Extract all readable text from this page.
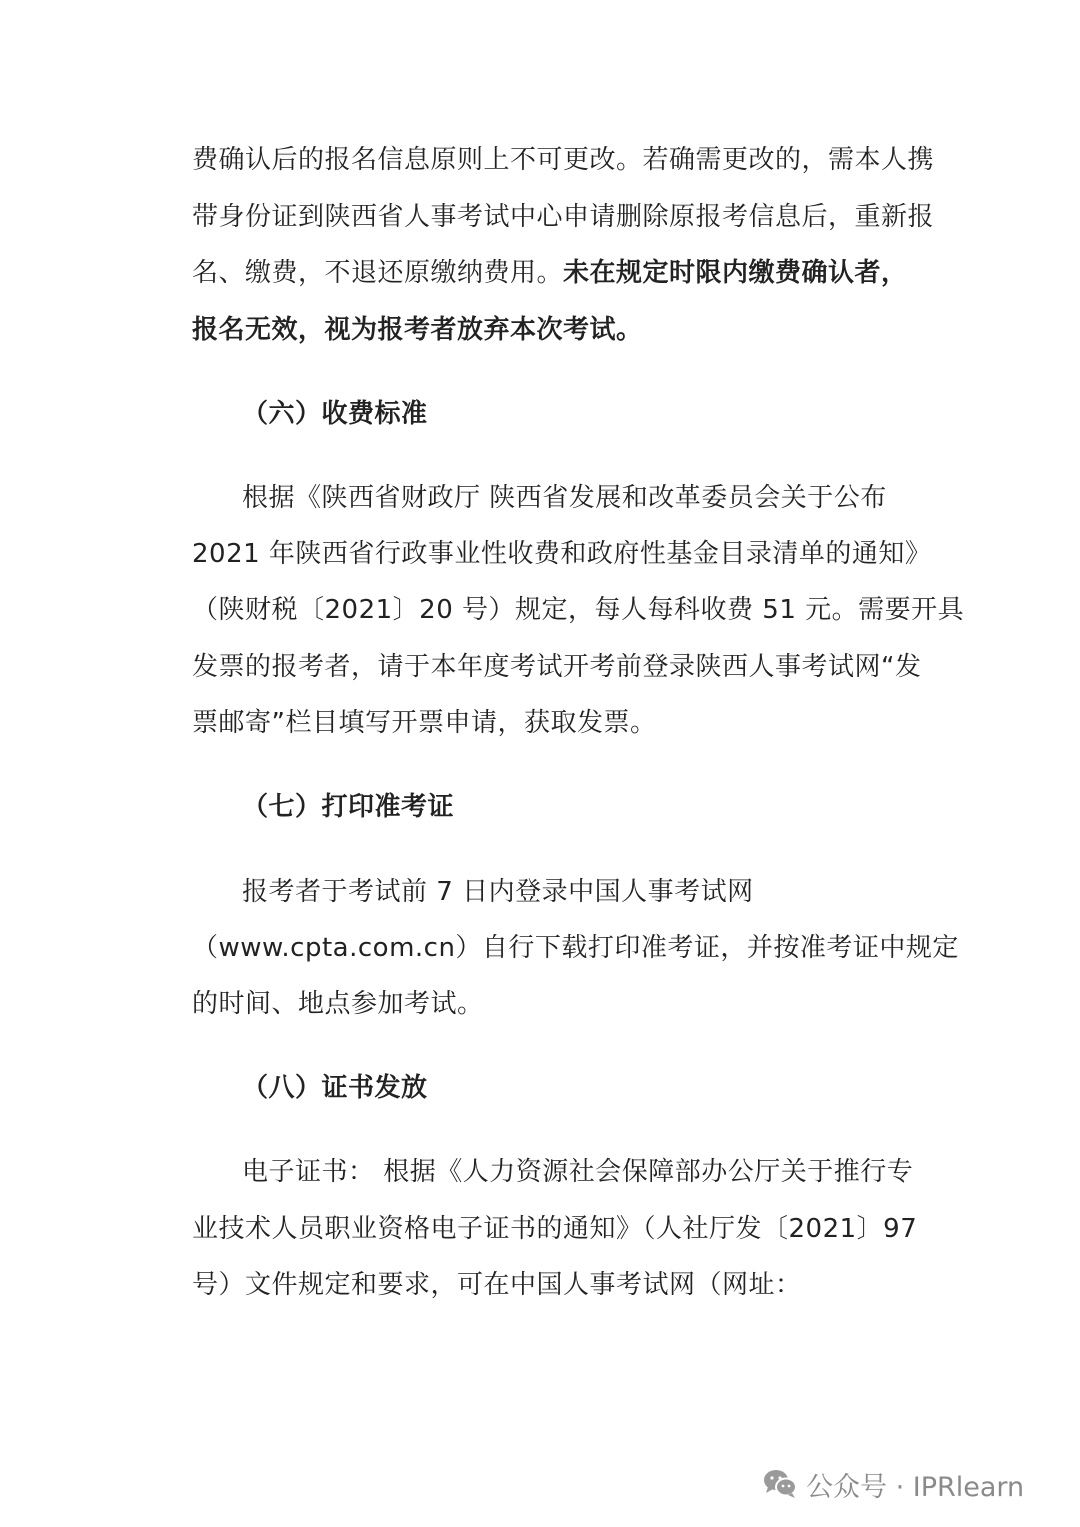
费确认后的报名信息原则上不可更改。若确需更改的，需本人携
带身份证到陕西省人事考试中心申请删除原报考信息后，重新报
名、缴费，不退还原缴纳费用。未在规定时限内缴费确认者，
报名无效，视为报考者放弃本次考试。
（六）收费标准
根据《陕西省财政厅 陕西省发展和改革委员会关于公布
2021 年陕西省行政事业性收费和政府性基金目录清单的通知》
（陕财税〔2021〕20 号）规定，每人每科收费 51 元。需要开具
发票的报考者，请于本年度考试开考前登录陕西人事考试网“发
票邮寄”栏目填写开票申请，获取发票。
（七）打印准考证
报考者于考试前 7 日内登录中国人事考试网
（www.cpta.com.cn）自行下载打印准考证，并按准考证中规定
的时间、地点参加考试。
（八）证书发放
电子证书： 根据《人力资源社会保障部办公厅关于推行专
业技术人员职业资格电子证书的通知》（人社厅发〔2021〕97
号）文件规定和要求，可在中国人事考试网（网址：
公众号 · IPRlearn
